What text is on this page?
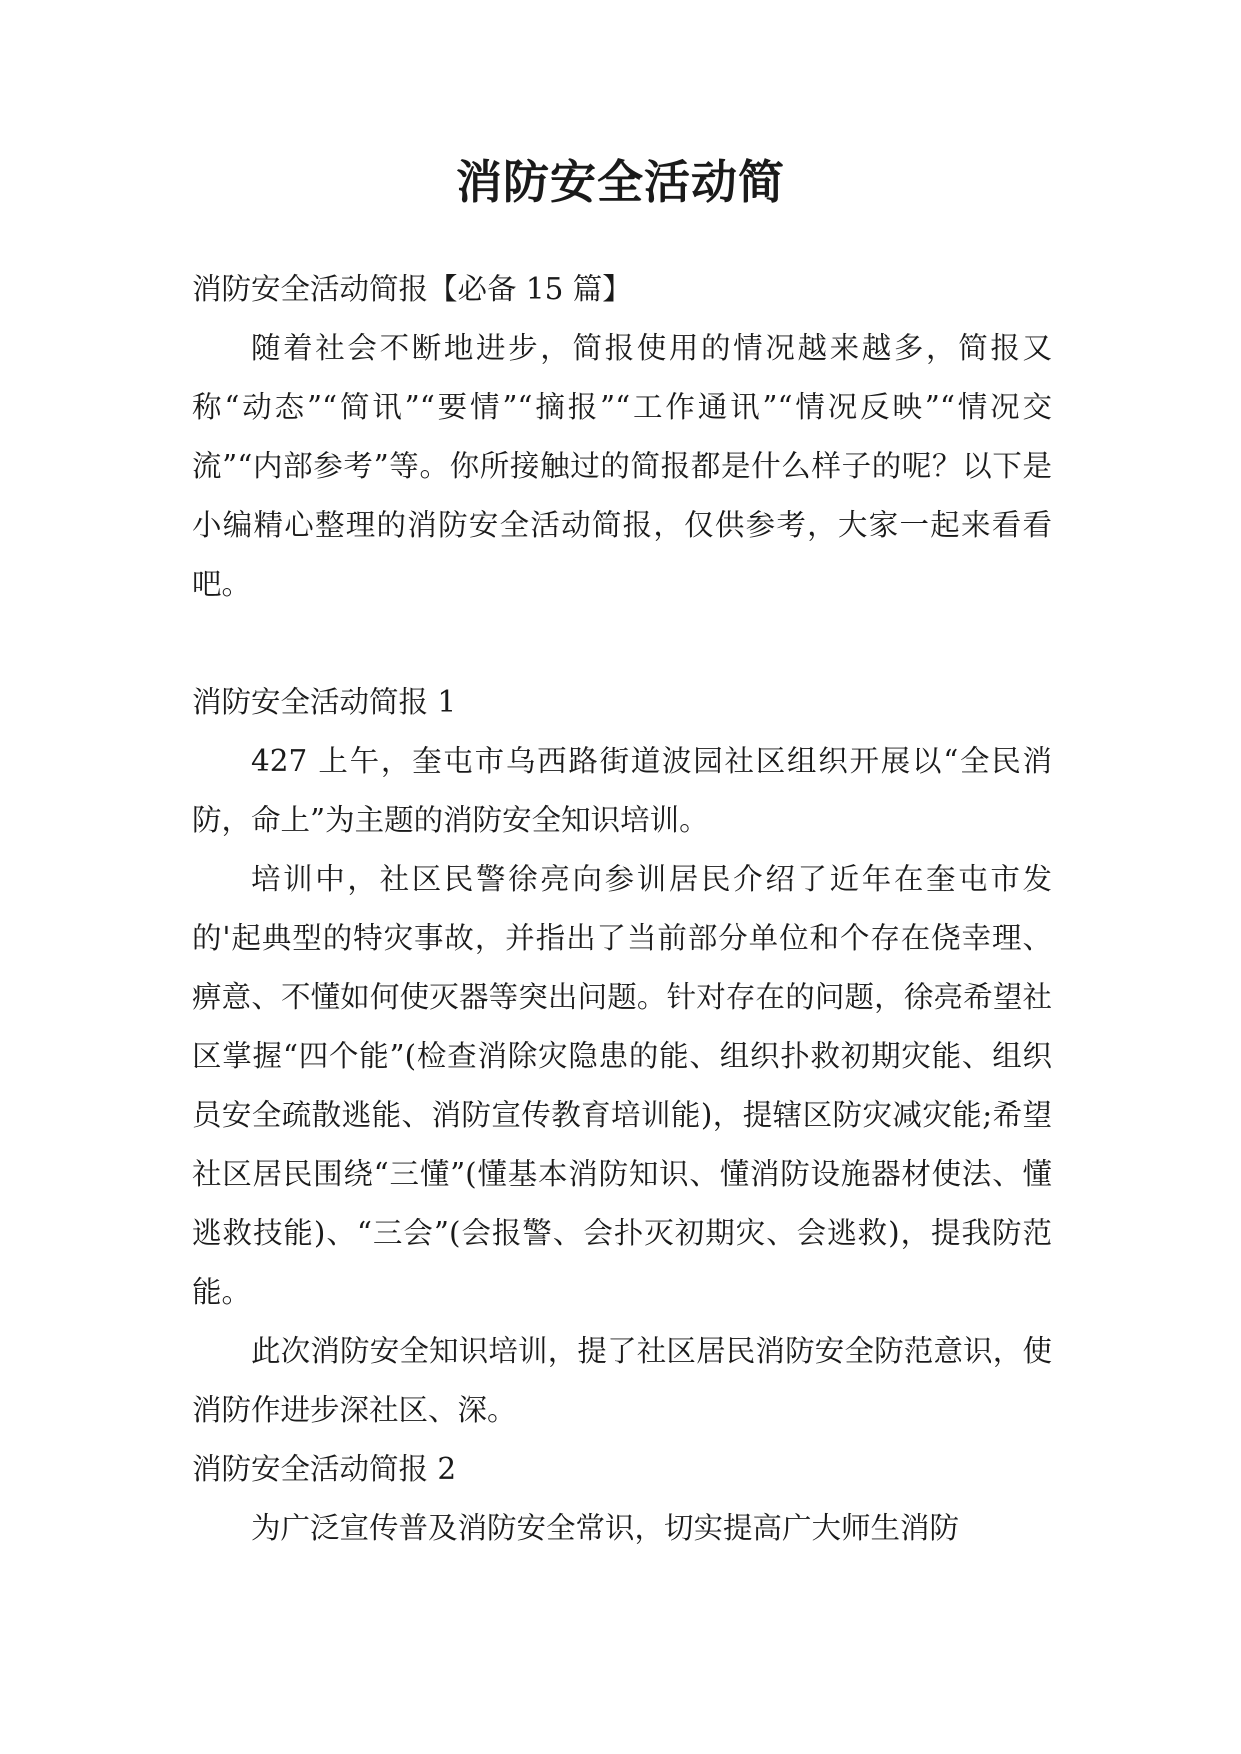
消防安全活动简

消防安全活动简报【必备 15 篇】

随着社会不断地进步，简报使用的情况越来越多，简报又称“动态”“简讯”“要情”“摘报”“工作通讯”“情况反映”“情况交流”“内部参考”等。你所接触过的简报都是什么样子的呢？以下是小编精心整理的消防安全活动简报，仅供参考，大家一起来看看吧。

消防安全活动简报 1

427 上午，奎屯市乌西路街道波园社区组织开展以“全民消防，命上”为主题的消防安全知识培训。

培训中，社区民警徐亮向参训居民介绍了近年在奎屯市发的'起典型的特灾事故，并指出了当前部分单位和个存在侥幸理、痹意、不懂如何使灭器等突出问题。针对存在的问题，徐亮希望社区掌握“四个能”(检查消除灾隐患的能、组织扑救初期灾能、组织员安全疏散逃能、消防宣传教育培训能)，提辖区防灾减灾能;希望社区居民围绕“三懂”(懂基本消防知识、懂消防设施器材使法、懂逃救技能)、“三会”(会报警、会扑灭初期灾、会逃救)，提我防范能。

此次消防安全知识培训，提了社区居民消防安全防范意识，使消防作进步深社区、深。

消防安全活动简报 2

为广泛宣传普及消防安全常识，切实提高广大师生消防
